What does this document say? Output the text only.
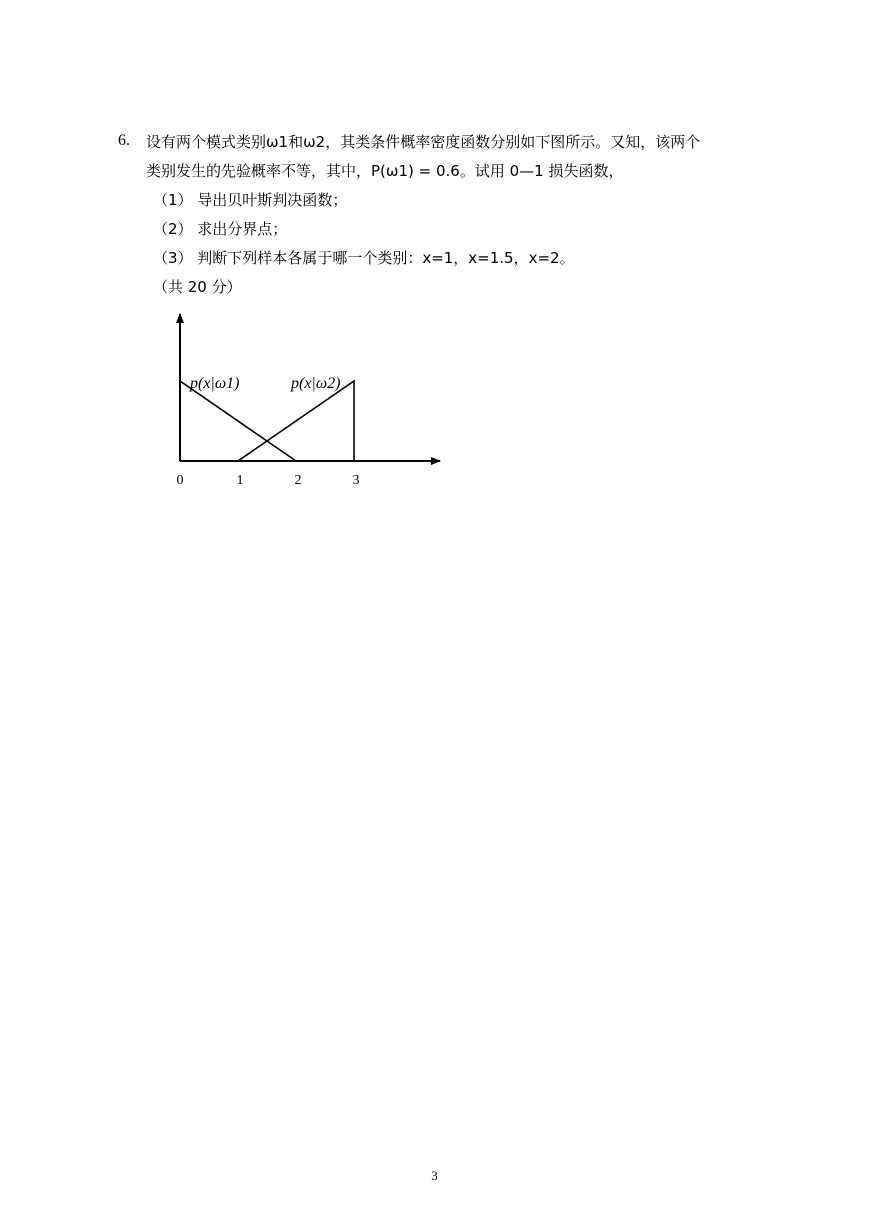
6. 设有两个模式类别ω1和ω2，其类条件概率密度函数分别如下图所示。又知，该两个
类别发生的先验概率不等，其中，P(ω1) = 0.6。试用 0—1 损失函数，
（1） 导出贝叶斯判决函数；
（2） 求出分界点；
（3） 判断下列样本各属于哪一个类别：x=1，x=1.5，x=2。
（共 20 分）
0	1	2	3
p(x|ω1)	p(x|ω2)
3
